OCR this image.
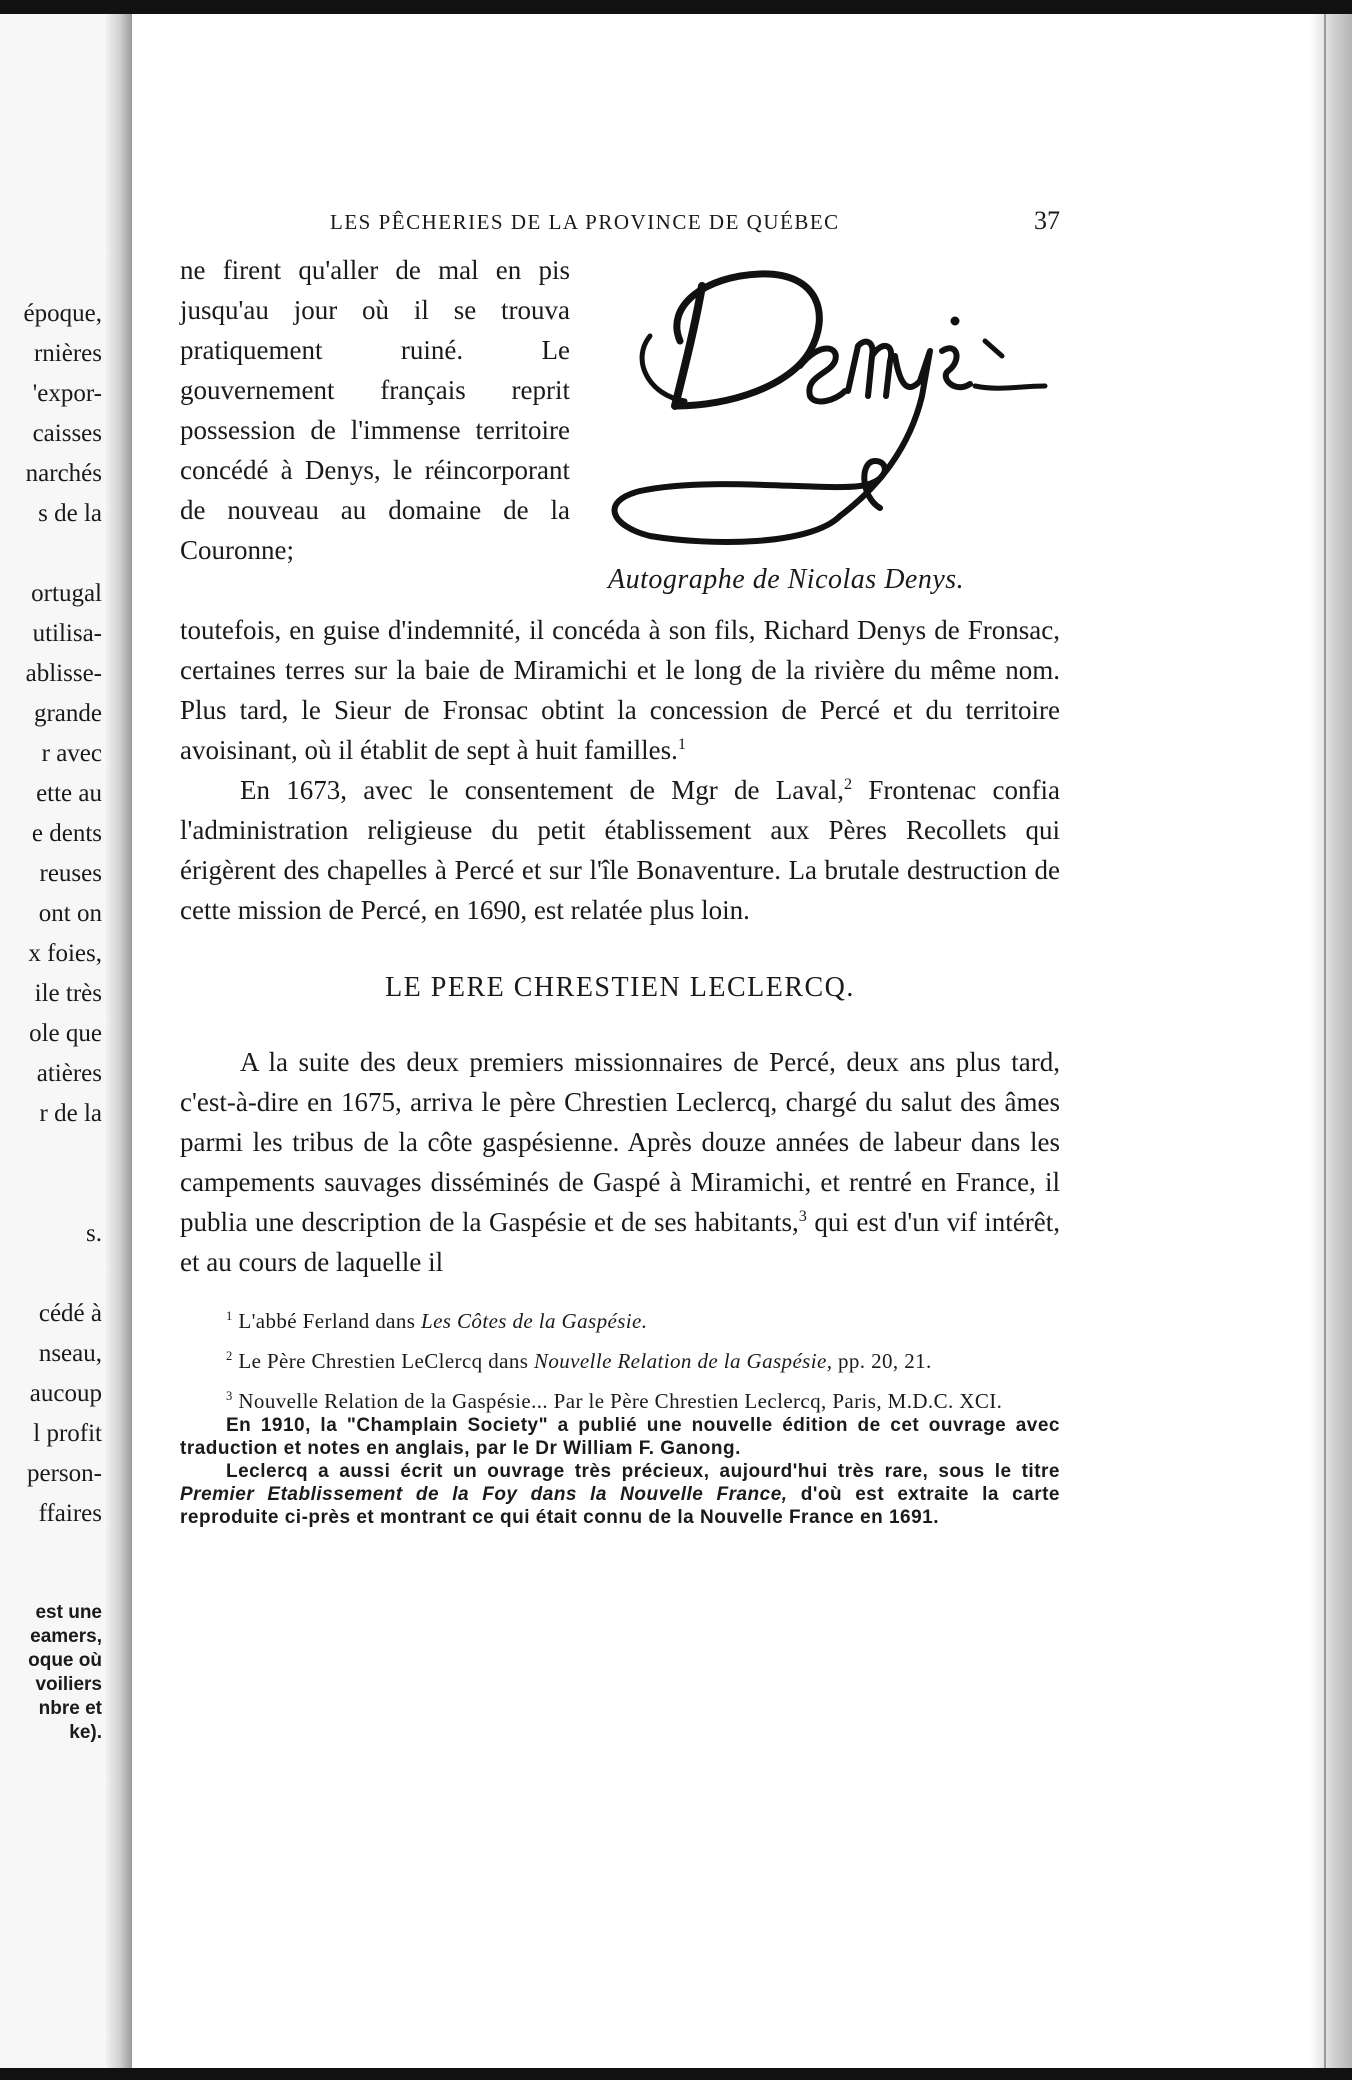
époque,

rnières

'expor-

caisses

narchés

s de la

ortugal

utilisa-

ablisse-

grande

r avec

ette au

e dents

reuses

ont on

x foies,

ile très

ole que

atières

r de la

s.

cédé à

nseau,

aucoup

l profit

person-

ffaires

est une

eamers,

oque où

voiliers

nbre et

ke).

LES PÊCHERIES DE LA PROVINCE DE QUÉBEC	37

ne firent qu'aller de mal en pis jusqu'au jour où il se trouva pratiquement ruiné. Le gouvernement français reprit possession de l'immense territoire concédé à Denys, le réincorporant de nouveau au domaine de la Couronne;

Autographe de Nicolas Denys.

toutefois, en guise d'indemnité, il concéda à son fils, Richard Denys de Fronsac, certaines terres sur la baie de Miramichi et le long de la rivière du même nom. Plus tard, le Sieur de Fronsac obtint la concession de Percé et du territoire avoisinant, où il établit de sept à huit familles.$^1$

En 1673, avec le consentement de Mgr de Laval,$^2$ Frontenac confia l'administration religieuse du petit établissement aux Pères Recollets qui érigèrent des chapelles à Percé et sur l'île Bonaventure. La brutale destruction de cette mission de Percé, en 1690, est relatée plus loin.

LE PERE CHRESTIEN LECLERCQ.

A la suite des deux premiers missionnaires de Percé, deux ans plus tard, c'est-à-dire en 1675, arriva le père Chrestien Leclercq, chargé du salut des âmes parmi les tribus de la côte gaspésienne. Après douze années de labeur dans les campements sauvages disséminés de Gaspé à Miramichi, et rentré en France, il publia une description de la Gaspésie et de ses habitants,$^3$ qui est d'un vif intérêt, et au cours de laquelle il

$^1$ L'abbé Ferland dans Les Côtes de la Gaspésie.

$^2$ Le Père Chrestien LeClercq dans Nouvelle Relation de la Gaspésie, pp. 20, 21.

$^3$ Nouvelle Relation de la Gaspésie... Par le Père Chrestien Leclercq, Paris, M.D.C. XCI.

En 1910, la "Champlain Society" a publié une nouvelle édition de cet ouvrage avec traduction et notes en anglais, par le Dr William F. Ganong.

Leclercq a aussi écrit un ouvrage très précieux, aujourd'hui très rare, sous le titre Premier Etablissement de la Foy dans la Nouvelle France, d'où est extraite la carte reproduite ci-près et montrant ce qui était connu de la Nouvelle France en 1691.
